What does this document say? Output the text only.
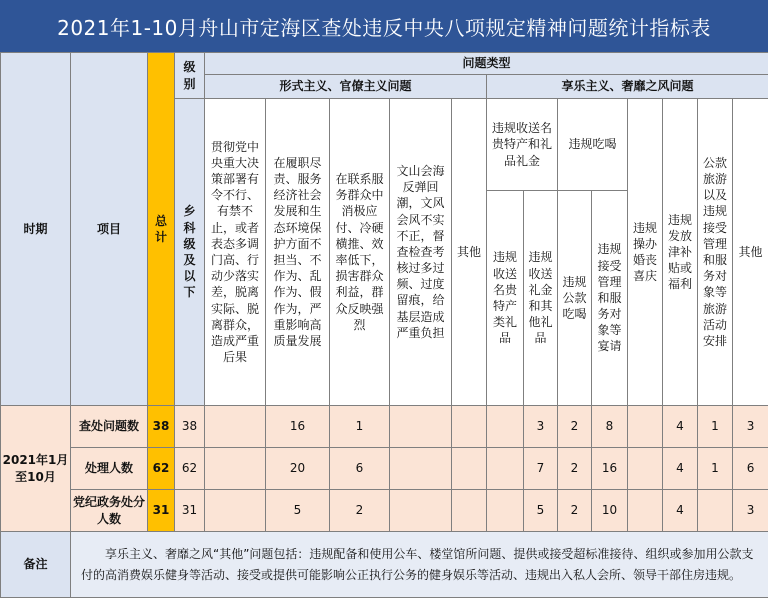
2021年1-10月舟山市定海区查处违反中央八项规定精神问题统计指标表
时期	项目	总计	级别	问题类型												
				形式主义、官僚主义问题					享乐主义、奢靡之风问题							
			乡科级及以下	贯彻党中央重大决策部署有令不行、有禁不止，或者表态多调门高、行动少落实差，脱离实际、脱离群众，造成严重后果	在履职尽责、服务经济社会发展和生态环境保护方面不担当、不作为、乱作为、假作为，严重影响高质量发展	在联系服务群众中消极应付、冷硬横推、效率低下，损害群众利益，群众反映强烈	文山会海反弹回潮，文风会风不实不正，督查检查考核过多过频、过度留痕，给基层造成严重负担	其他	违规收送名贵特产和礼品礼金		违规吃喝		违规操办婚丧喜庆	违规发放津补贴或福利	公款旅游以及违规接受管理和服务对象等旅游活动安排	其他
									违规收送名贵特产类礼品	违规收送礼金和其他礼品	违规公款吃喝	违规接受管理和服务对象等宴请				

2021年1月至10月	查处问题数	38	38		16	1				3	2	8		4	1	3
	处理人数	62	62		20	6				7	2	16		4	1	6
	党纪政务处分人数	31	31		5	2				5	2	10		4		3
备注	享乐主义、奢靡之风“其他”问题包括：违规配备和使用公车、楼堂馆所问题、提供或接受超标准接待、组织或参加用公款支付的高消费娱乐健身等活动、接受或提供可能影响公正执行公务的健身娱乐等活动、违规出入私人会所、领导干部住房违规。															
